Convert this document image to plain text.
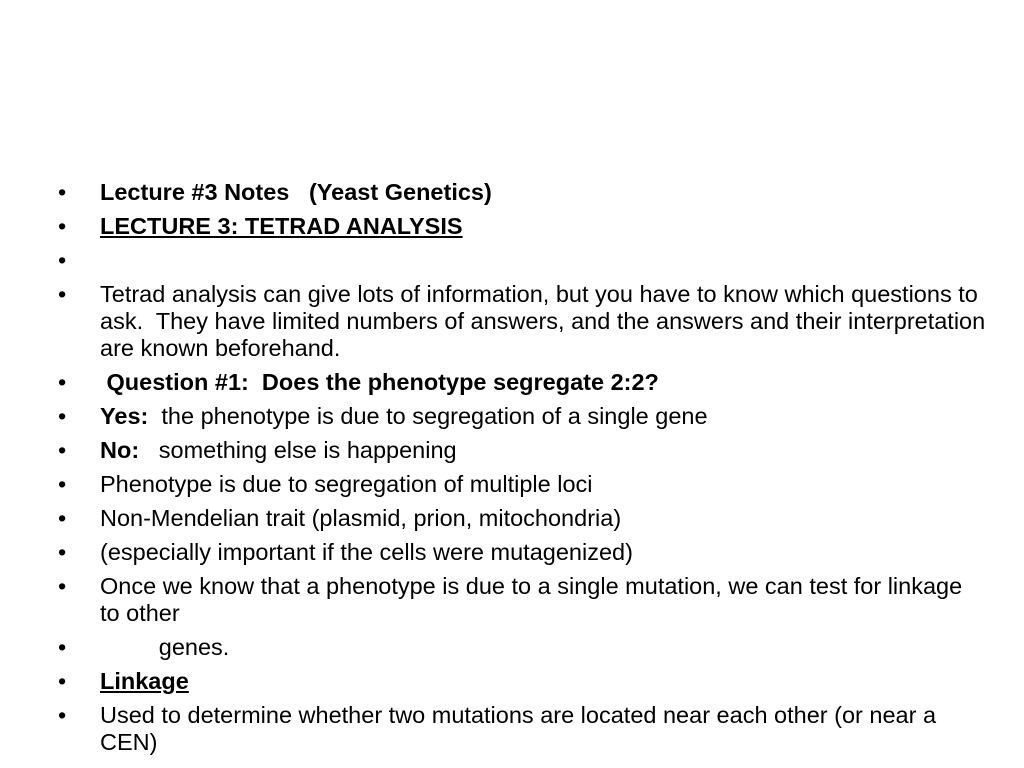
•	Lecture #3 Notes   (Yeast Genetics)
•	LECTURE 3: TETRAD ANALYSIS
•
•	Tetrad analysis can give lots of information, but you have to know which questions to ask.  They have limited numbers of answers, and the answers and their interpretation are known beforehand.
•	Question #1:  Does the phenotype segregate 2:2?
•	Yes:  the phenotype is due to segregation of a single gene
•	No:   something else is happening
•	Phenotype is due to segregation of multiple loci
•	Non-Mendelian trait (plasmid, prion, mitochondria)
•	(especially important if the cells were mutagenized)
•	Once we know that a phenotype is due to a single mutation, we can test for linkage to other
•	genes.
•	Linkage
•	Used to determine whether two mutations are located near each other (or near a CEN)
